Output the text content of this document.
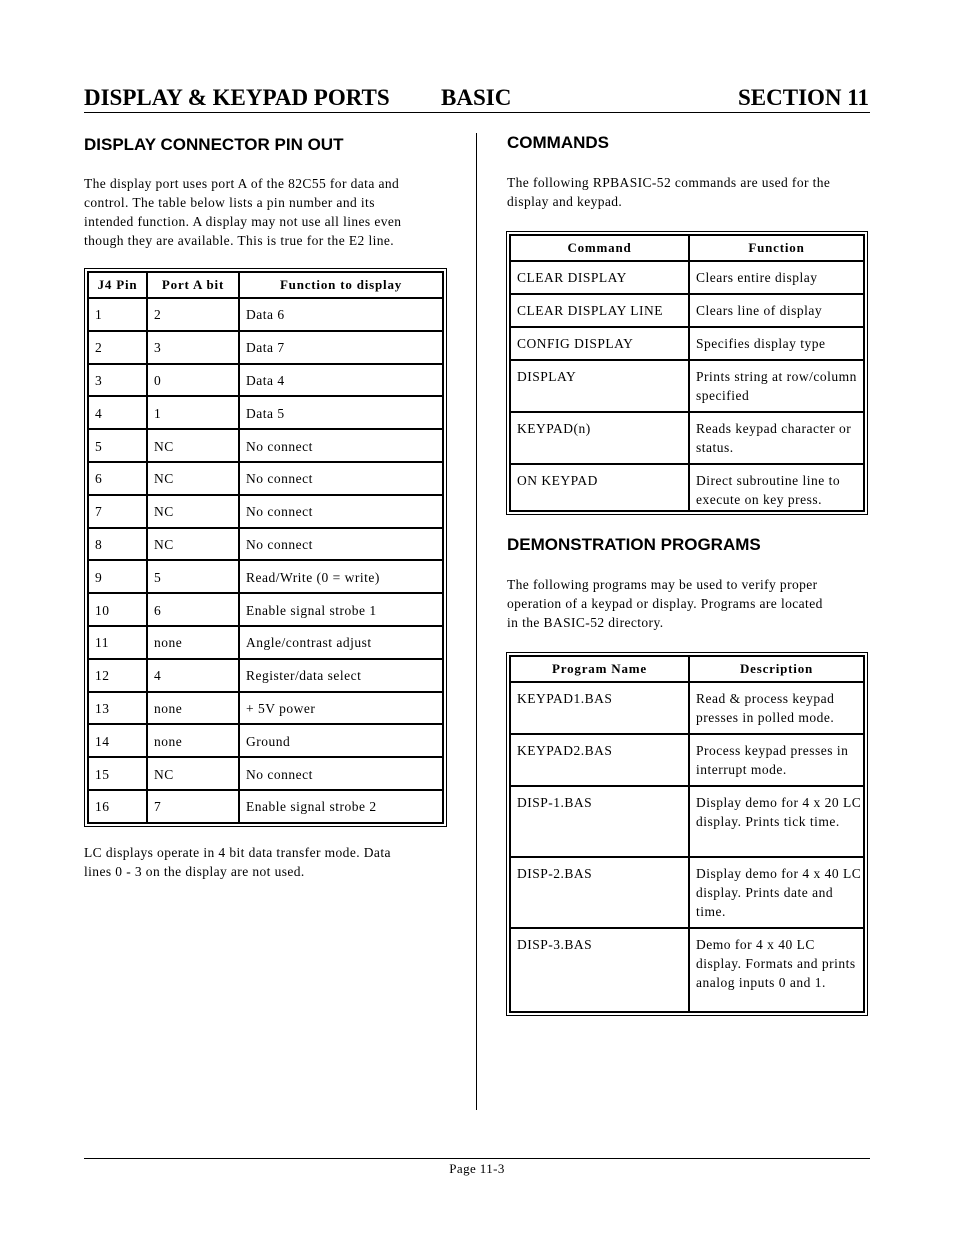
DISPLAY & KEYPAD PORTS BASIC	SECTION 11
DISPLAY CONNECTOR PIN OUT
The display port uses port A of the 82C55 for data and
control. The table below lists a pin number and its
intended function. A display may not use all lines even
though they are available. This is true for the E2 line.
J4 Pin	Port A bit	Function to display
1	2	Data 6
2	3	Data 7
3	0	Data 4
4	1	Data 5
5	NC	No connect
6	NC	No connect
7	NC	No connect
8	NC	No connect
9	5	Read/Write (0 = write)
10	6	Enable signal strobe 1
11	none	Angle/contrast adjust
12	4	Register/data select
13	none	+ 5V power
14	none	Ground
15	NC	No connect
16	7	Enable signal strobe 2
LC displays operate in 4 bit data transfer mode. Data
lines 0 - 3 on the display are not used.
COMMANDS
The following RPBASIC-52 commands are used for the
display and keypad.
Command	Function
CLEAR DISPLAY	Clears entire display
CLEAR DISPLAY LINE	Clears line of display
CONFIG DISPLAY	Specifies display type
DISPLAY	Prints string at row/column specified
KEYPAD(n)	Reads keypad character or status.
ON KEYPAD	Direct subroutine line to execute on key press.
DEMONSTRATION PROGRAMS
The following programs may be used to verify proper
operation of a keypad or display. Programs are located
in the BASIC-52 directory.
Program Name	Description
KEYPAD1.BAS	Read & process keypad presses in polled mode.
KEYPAD2.BAS	Process keypad presses in interrupt mode.
DISP-1.BAS	Display demo for 4 x 20 LC display. Prints tick time.
DISP-2.BAS	Display demo for 4 x 40 LC display. Prints date and time.
DISP-3.BAS	Demo for 4 x 40 LC display. Formats and prints analog inputs 0 and 1.
Page 11-3
